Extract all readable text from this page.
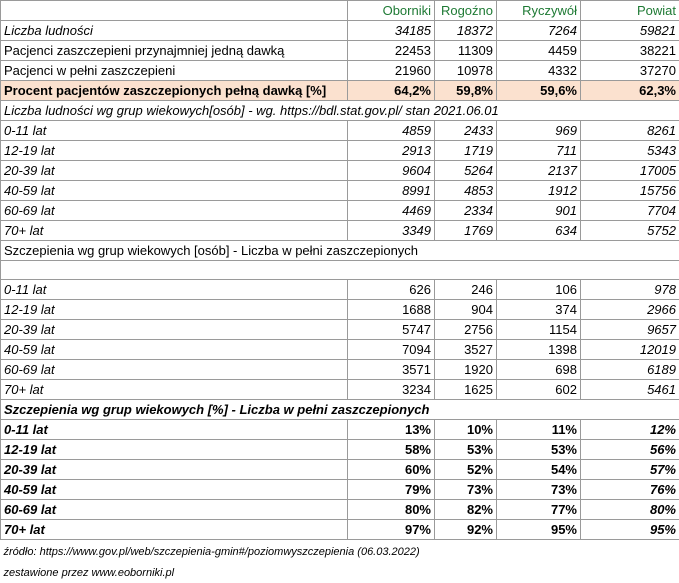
	Oborniki	Rogoźno	Ryczywół	Powiat
Liczba ludności	34185	18372	7264	59821
Pacjenci zaszczepieni przynajmniej jedną dawką	22453	11309	4459	38221
Pacjenci w pełni zaszczepieni	21960	10978	4332	37270
Procent pacjentów zaszczepionych pełną dawką [%]	64,2%	59,8%	59,6%	62,3%
Liczba ludności wg grup wiekowych[osób] - wg. https://bdl.stat.gov.pl/ stan 2021.06.01				
0-11 lat	4859	2433	969	8261
12-19 lat	2913	1719	711	5343
20-39 lat	9604	5264	2137	17005
40-59 lat	8991	4853	1912	15756
60-69 lat	4469	2334	901	7704
70+ lat	3349	1769	634	5752
Szczepienia wg grup wiekowych [osób] - Liczba w pełni zaszczepionych				

0-11 lat	626	246	106	978
12-19 lat	1688	904	374	2966
20-39 lat	5747	2756	1154	9657
40-59 lat	7094	3527	1398	12019
60-69 lat	3571	1920	698	6189
70+ lat	3234	1625	602	5461
Szczepienia wg grup wiekowych [%] - Liczba w pełni zaszczepionych				
0-11 lat	13%	10%	11%	12%
12-19 lat	58%	53%	53%	56%
20-39 lat	60%	52%	54%	57%
40-59 lat	79%	73%	73%	76%
60-69 lat	80%	82%	77%	80%
70+ lat	97%	92%	95%	95%
źródło: https://www.gov.pl/web/szczepienia-gmin#/poziomwyszczepienia (06.03.2022)				
zestawione przez www.eoborniki.pl				
